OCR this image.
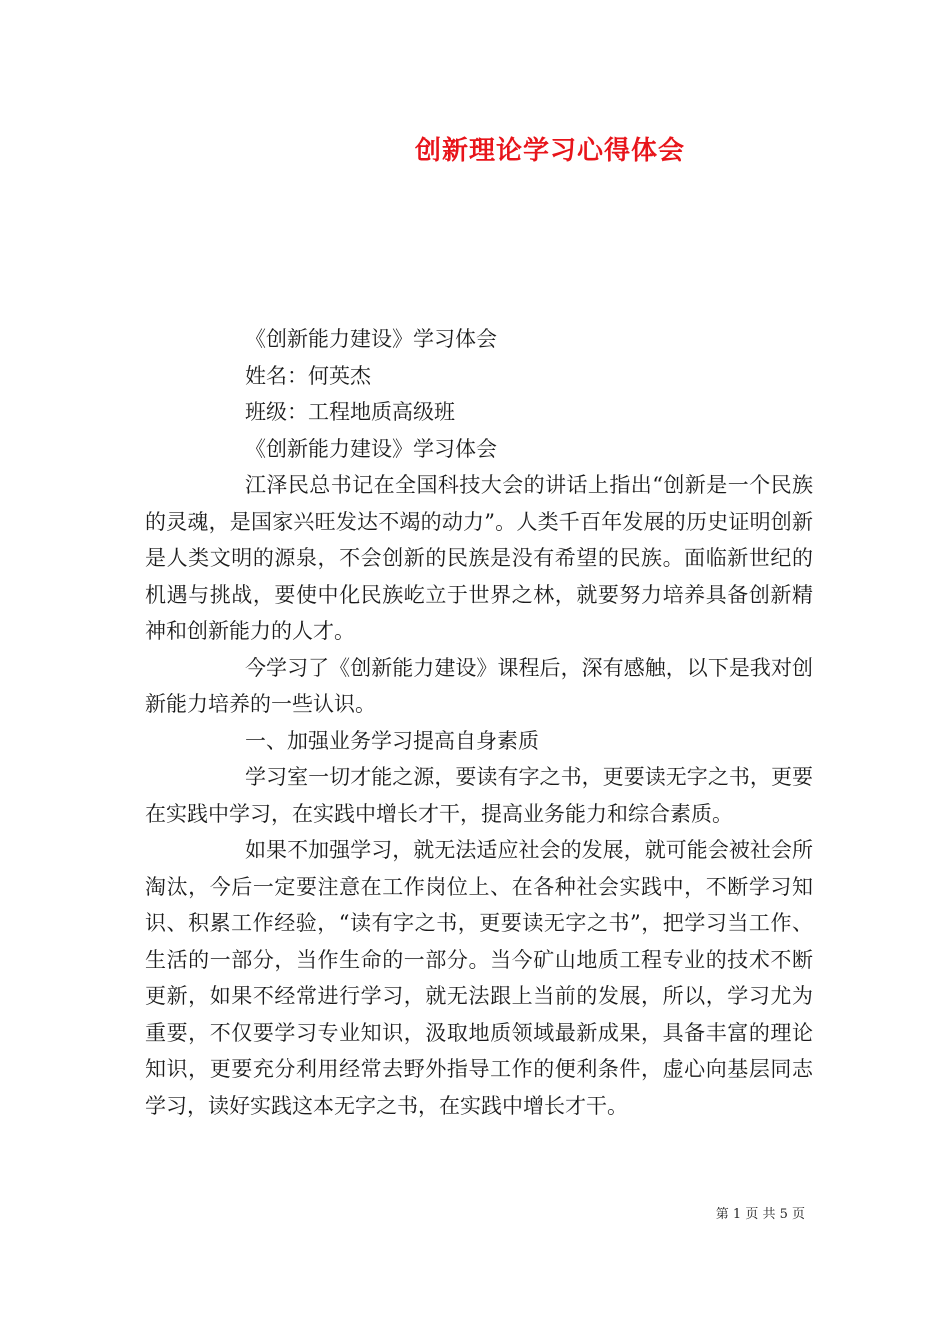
创新理论学习心得体会

《创新能力建设》学习体会

姓名：何英杰

班级：工程地质高级班

《创新能力建设》学习体会

江泽民总书记在全国科技大会的讲话上指出“创新是一个民族的灵魂，是国家兴旺发达不竭的动力”。人类千百年发展的历史证明创新是人类文明的源泉，不会创新的民族是没有希望的民族。面临新世纪的机遇与挑战，要使中化民族屹立于世界之林，就要努力培养具备创新精神和创新能力的人才。

今学习了《创新能力建设》课程后，深有感触，以下是我对创新能力培养的一些认识。

一、加强业务学习提高自身素质

学习室一切才能之源，要读有字之书，更要读无字之书，更要在实践中学习，在实践中增长才干，提高业务能力和综合素质。

如果不加强学习，就无法适应社会的发展，就可能会被社会所淘汰，今后一定要注意在工作岗位上、在各种社会实践中，不断学习知识、积累工作经验，“读有字之书，更要读无字之书”，把学习当工作、生活的一部分，当作生命的一部分。当今矿山地质工程专业的技术不断更新，如果不经常进行学习，就无法跟上当前的发展，所以，学习尤为重要，不仅要学习专业知识，汲取地质领域最新成果，具备丰富的理论知识，更要充分利用经常去野外指导工作的便利条件，虚心向基层同志学习，读好实践这本无字之书，在实践中增长才干。

第 1 页 共 5 页
